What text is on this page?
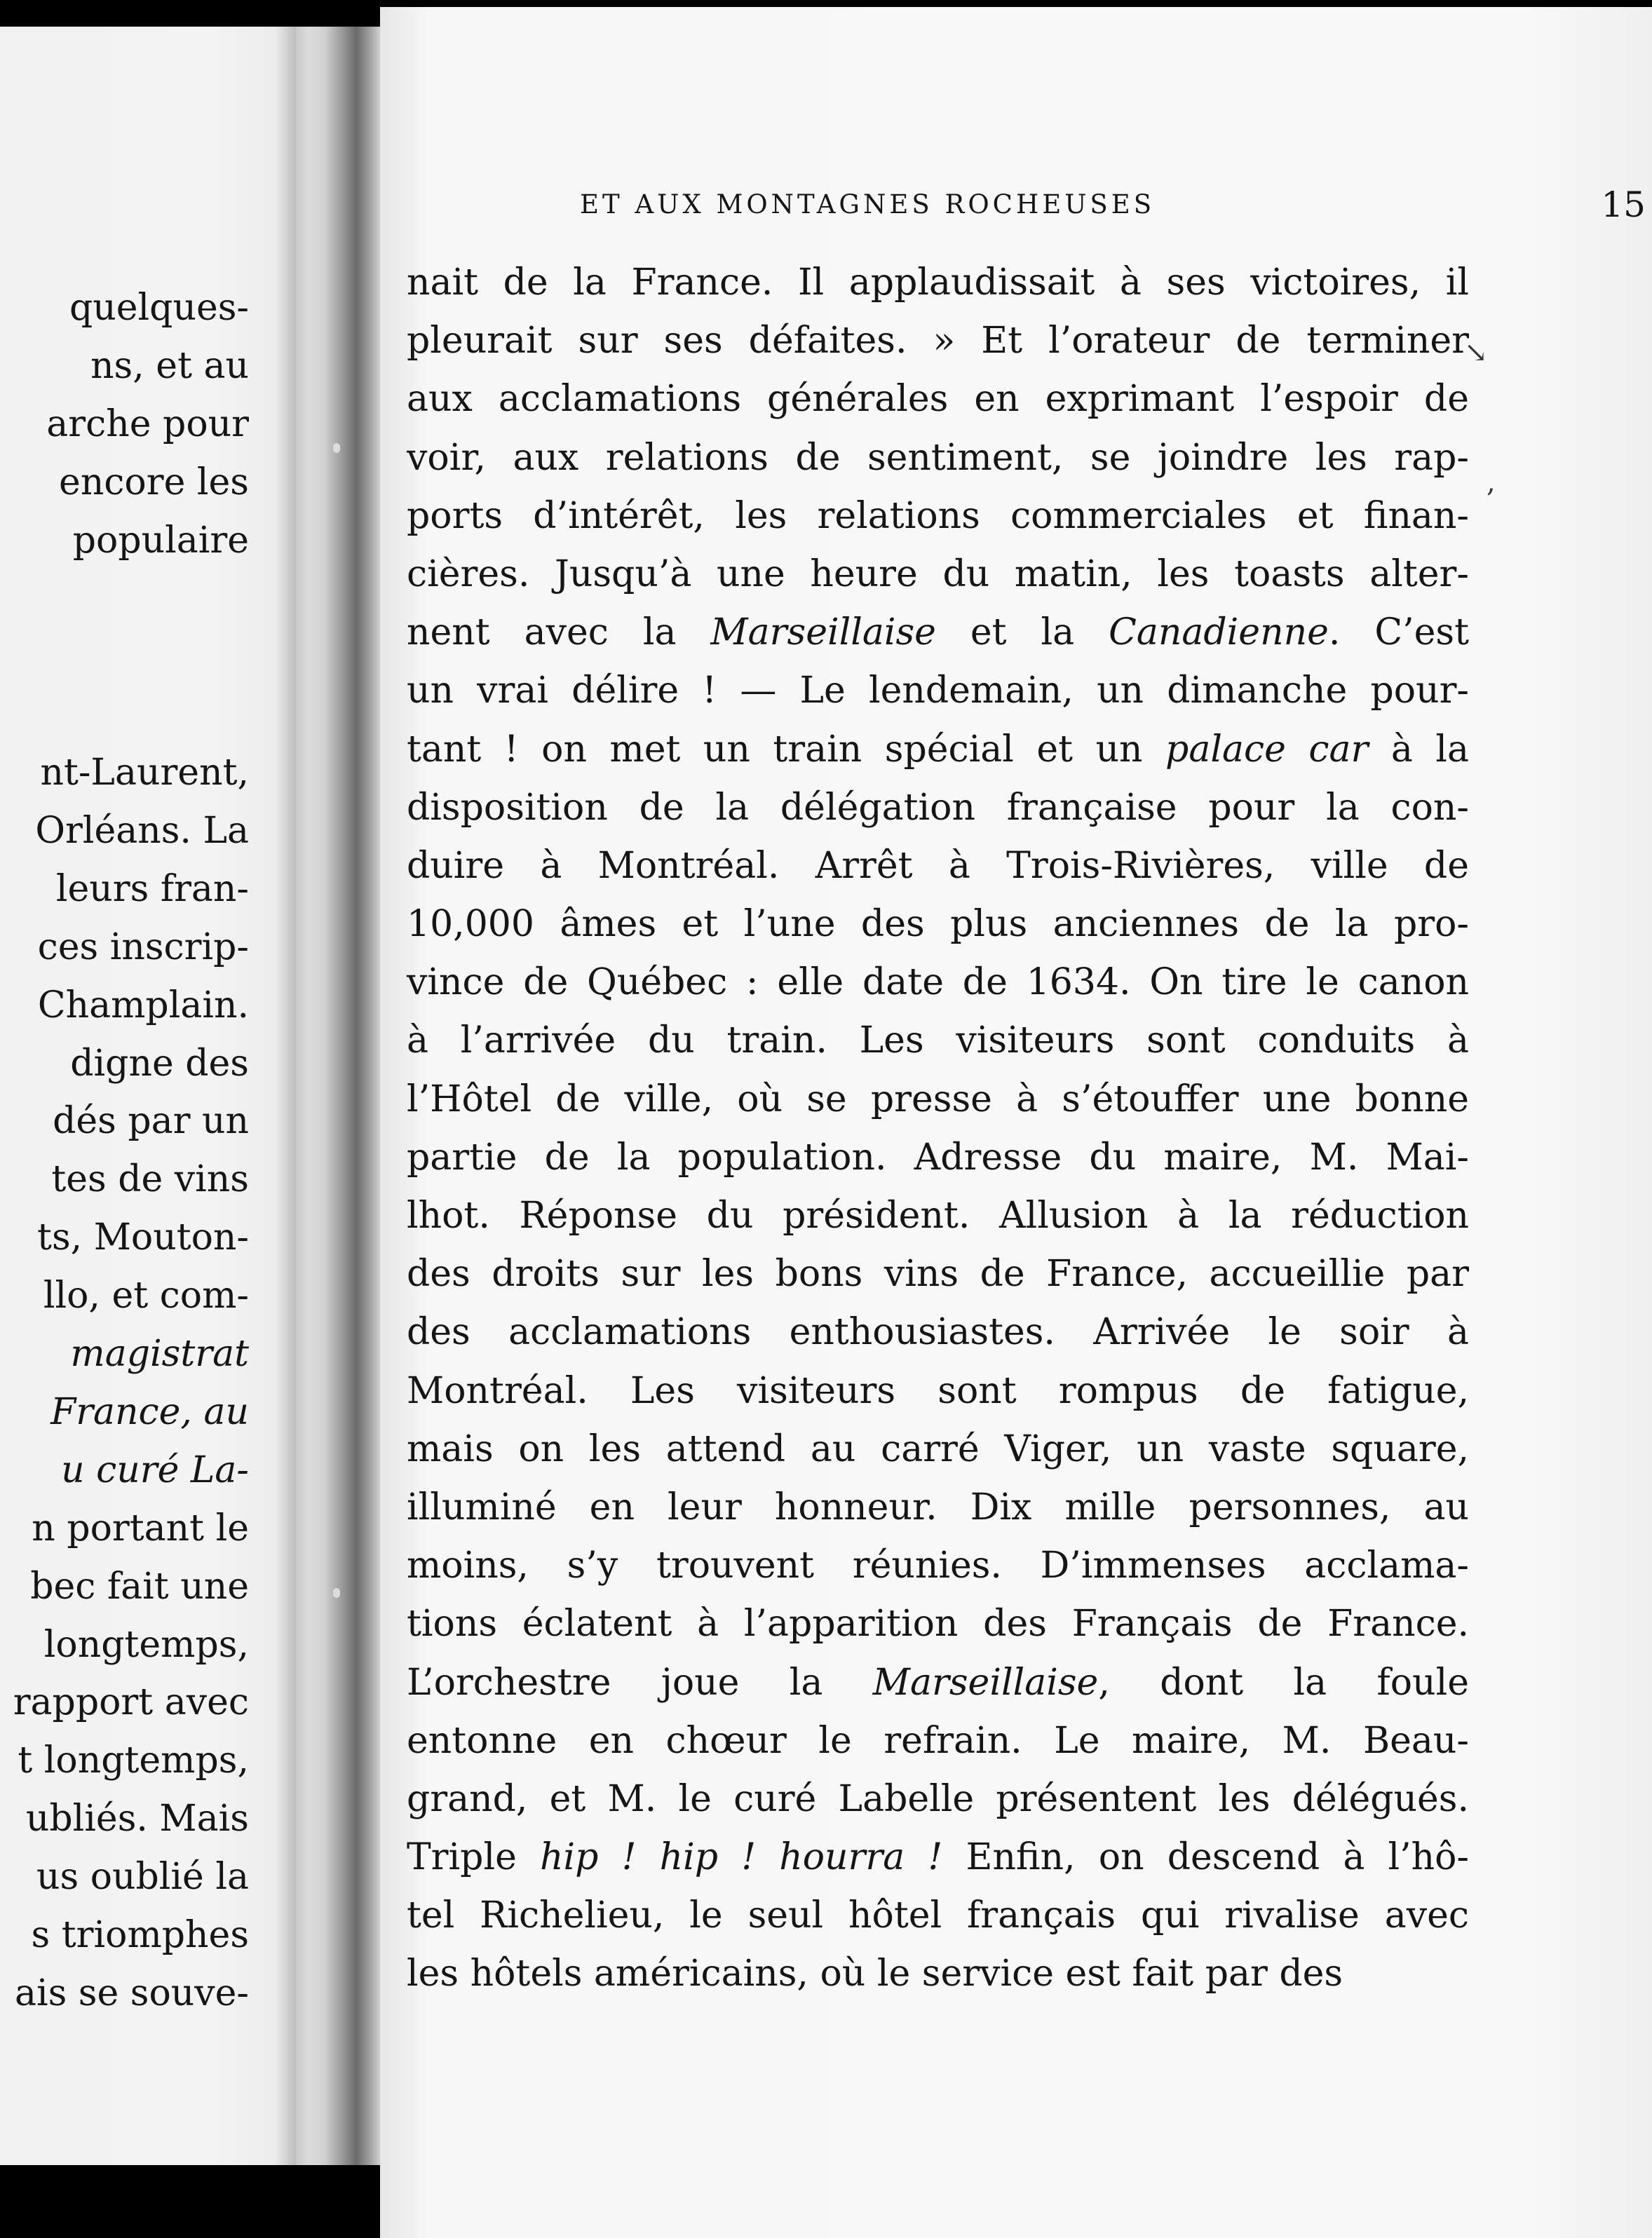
quelques-
ns, et au
arche pour
encore les
populaire
nt-Laurent,
Orléans. La
leurs fran-
ces inscrip-
Champlain.
digne des
dés par un
tes de vins
ts, Mouton-
llo, et com-
magistrat
France, au
u curé La-
n portant le
bec fait une
longtemps,
rapport avec
t longtemps,
ubliés. Mais
us oublié la
s triomphes
ais se souve-
ET AUX MONTAGNES ROCHEUSES	15
nait de la France. Il applaudissait à ses victoires, il
pleurait sur ses défaites. » Et l’orateur de terminer
aux acclamations générales en exprimant l’espoir de
voir, aux relations de sentiment, se joindre les rap-
ports d’intérêt, les relations commerciales et finan-
cières. Jusqu’à une heure du matin, les toasts alter-
nent avec la Marseillaise et la Canadienne. C’est
un vrai délire ! — Le lendemain, un dimanche pour-
tant ! on met un train spécial et un palace car à la
disposition de la délégation française pour la con-
duire à Montréal. Arrêt à Trois-Rivières, ville de
10,000 âmes et l’une des plus anciennes de la pro-
vince de Québec : elle date de 1634. On tire le canon
à l’arrivée du train. Les visiteurs sont conduits à
l’Hôtel de ville, où se presse à s’étouffer une bonne
partie de la population. Adresse du maire, M. Mai-
lhot. Réponse du président. Allusion à la réduction
des droits sur les bons vins de France, accueillie par
des acclamations enthousiastes. Arrivée le soir à
Montréal. Les visiteurs sont rompus de fatigue,
mais on les attend au carré Viger, un vaste square,
illuminé en leur honneur. Dix mille personnes, au
moins, s’y trouvent réunies. D’immenses acclama-
tions éclatent à l’apparition des Français de France.
L’orchestre joue la Marseillaise, dont la foule
entonne en chœur le refrain. Le maire, M. Beau-
grand, et M. le curé Labelle présentent les délégués.
Triple hip ! hip ! hourra ! Enfin, on descend à l’hô-
tel Richelieu, le seul hôtel français qui rivalise avec
les hôtels américains, où le service est fait par des
↘
,
